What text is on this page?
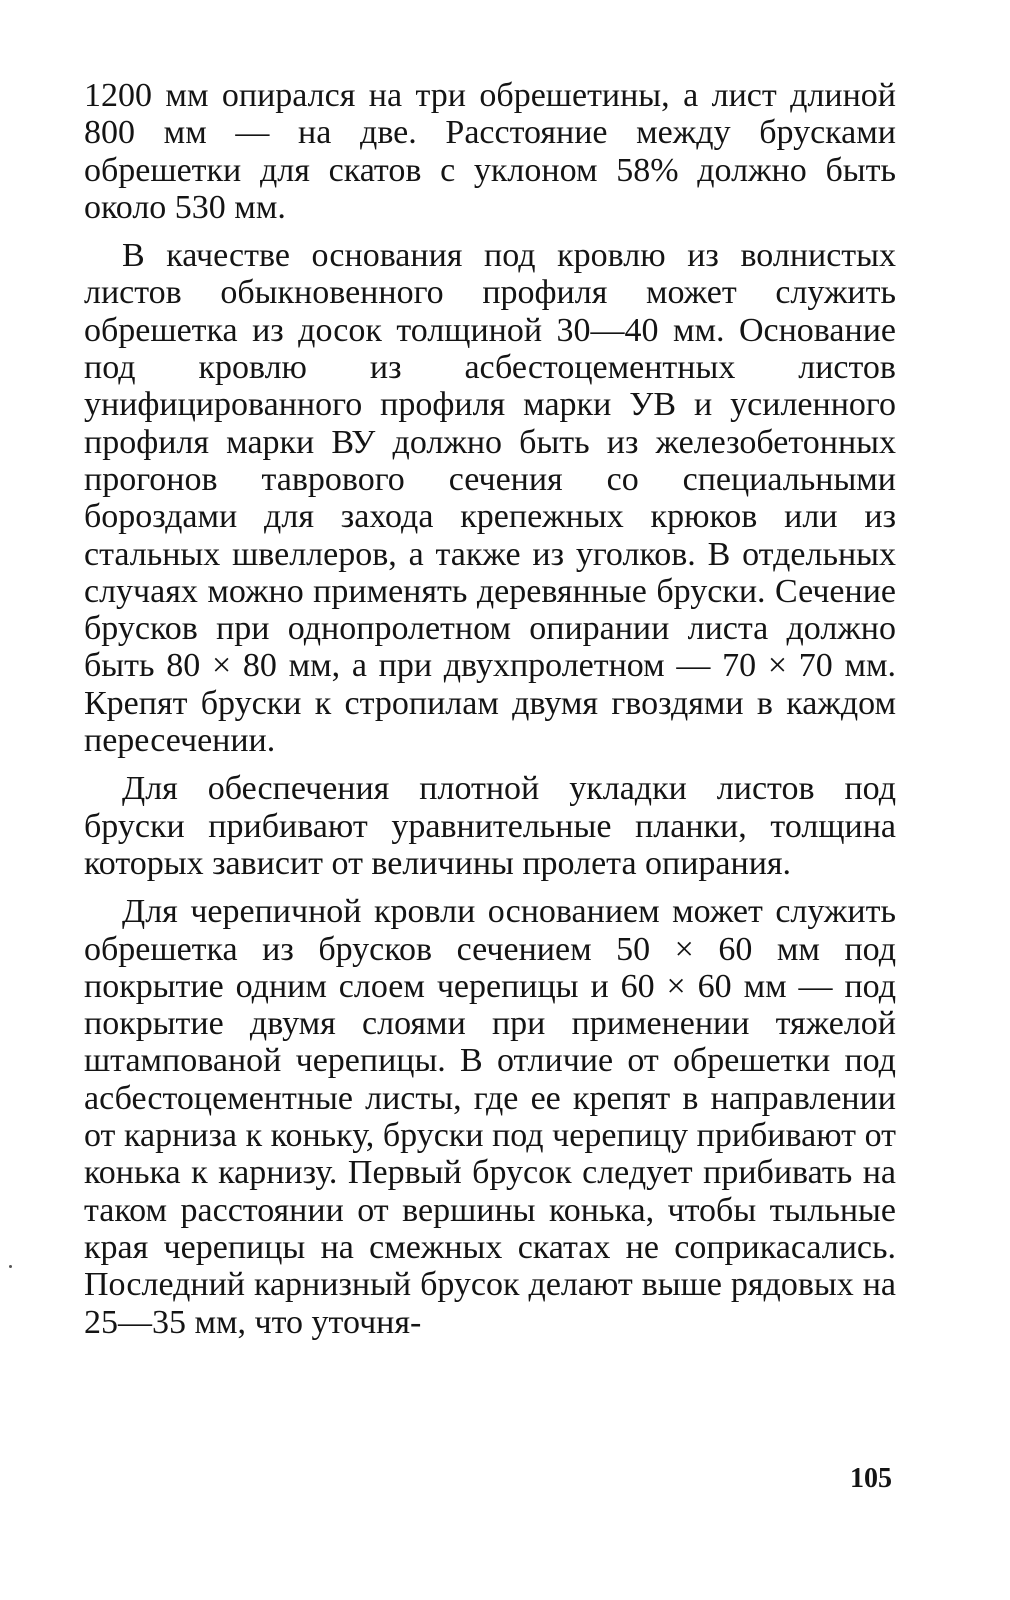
1200 мм опирался на три обрешетины, а лист длиной 800 мм — на две. Расстояние между брусками обрешетки для скатов с уклоном 58% должно быть около 530 мм.

В качестве основания под кровлю из волнистых листов обыкновенного профиля может служить обрешетка из досок толщиной 30—40 мм. Основание под кровлю из асбестоцементных листов унифицированного профиля марки УВ и усиленного профиля марки ВУ должно быть из железобетонных прогонов таврового сечения со специальными бороздами для захода крепежных крюков или из стальных швеллеров, а также из уголков. В отдельных случаях можно применять деревянные бруски. Сечение брусков при однопролетном опирании листа должно быть 80 × 80 мм, а при двухпролетном — 70 × 70 мм. Крепят бруски к стропилам двумя гвоздями в каждом пересечении.

Для обеспечения плотной укладки листов под бруски прибивают уравнительные планки, толщина которых зависит от величины пролета опирания.

Для черепичной кровли основанием может служить обрешетка из брусков сечением 50 × 60 мм под покрытие одним слоем черепицы и 60 × 60 мм — под покрытие двумя слоями при применении тяжелой штампованой черепицы. В отличие от обрешетки под асбестоцементные листы, где ее крепят в направлении от карниза к коньку, бруски под черепицу прибивают от конька к карнизу. Первый брусок следует прибивать на таком расстоянии от вершины конька, чтобы тыльные края черепицы на смежных скатах не соприкасались. Последний карнизный брусок делают выше рядовых на 25—35 мм, что уточня-

105
